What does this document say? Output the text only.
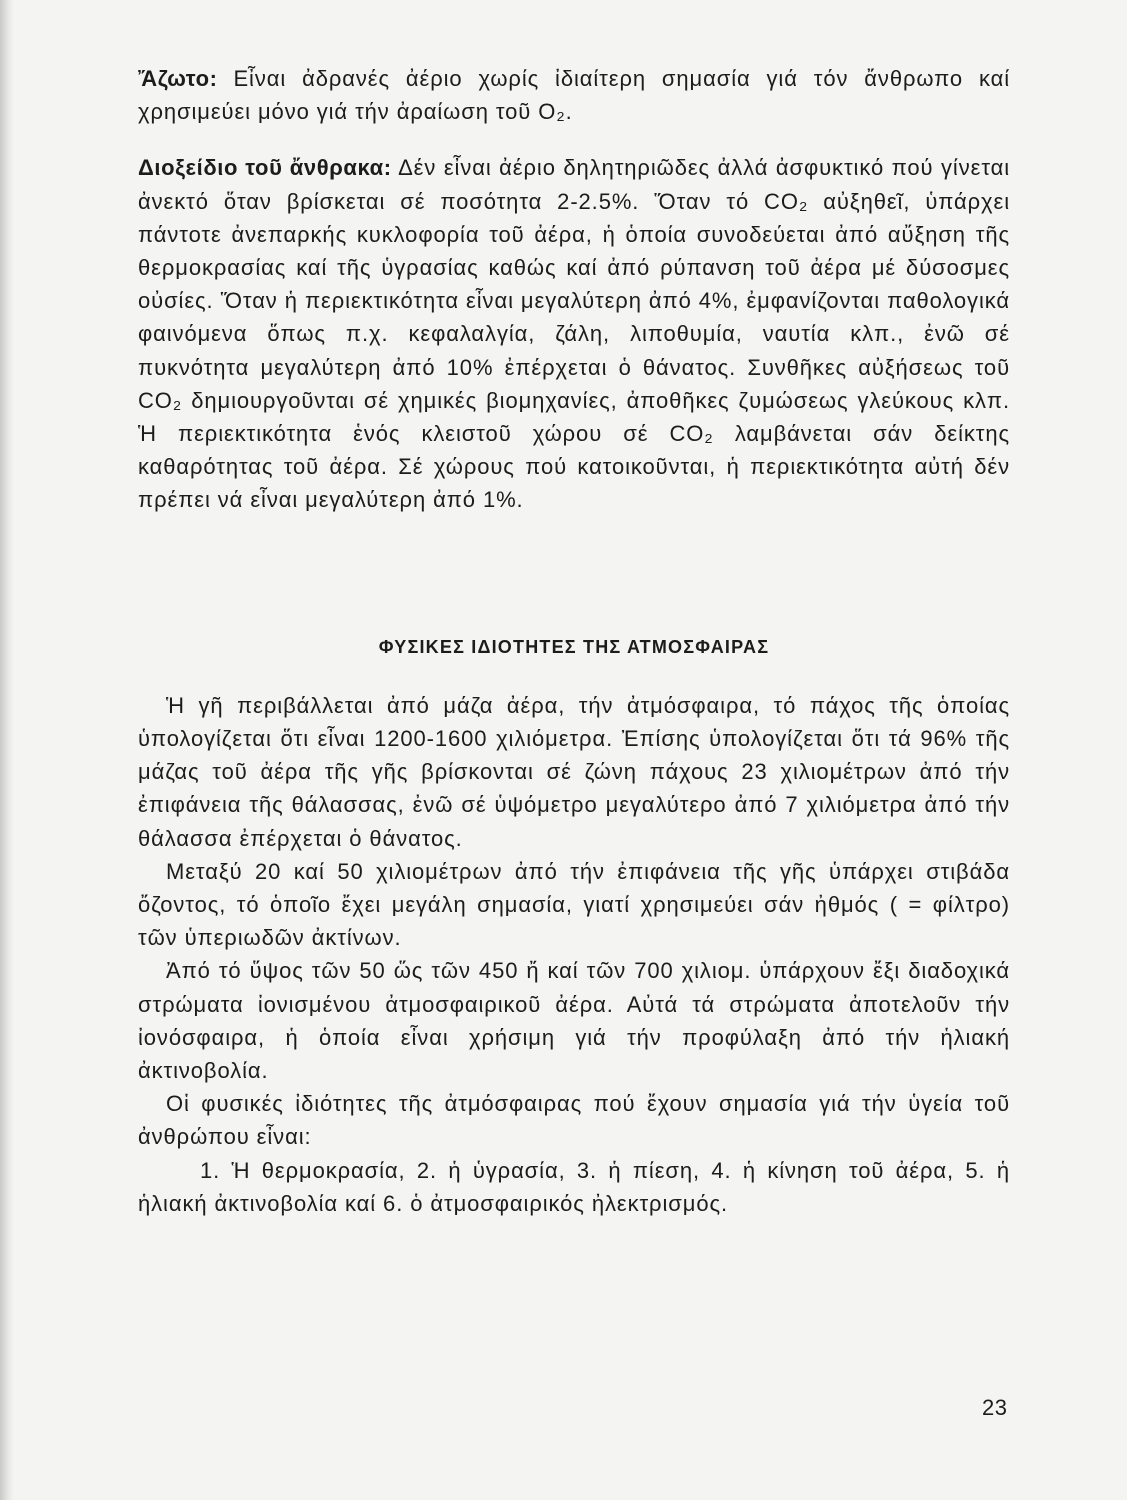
Ἄζωτο: Εἶναι ἀδρανές ἀέριο χωρίς ἰδιαίτερη σημασία γιά τόν ἄνθρωπο καί χρησιμεύει μόνο γιά τήν ἀραίωση τοῦ O₂.

Διοξείδιο τοῦ ἄνθρακα: Δέν εἶναι ἀέριο δηλητηριῶδες ἀλλά ἀσφυκτικό πού γίνεται ἀνεκτό ὅταν βρίσκεται σέ ποσότητα 2-2.5%. Ὅταν τό CO₂ αὐξηθεῖ, ὑπάρχει πάντοτε ἀνεπαρκής κυκλοφορία τοῦ ἀέρα, ἡ ὁποία συνοδεύεται ἀπό αὔξηση τῆς θερμοκρασίας καί τῆς ὑγρασίας καθώς καί ἀπό ρύπανση τοῦ ἀέρα μέ δύσοσμες οὐσίες. Ὅταν ἡ περιεκτικότητα εἶναι μεγαλύτερη ἀπό 4%, ἐμφανίζονται παθολογικά φαινόμενα ὅπως π.χ. κεφαλαλγία, ζάλη, λιποθυμία, ναυτία κλπ., ἐνῶ σέ πυκνότητα μεγαλύτερη ἀπό 10% ἐπέρχεται ὁ θάνατος. Συνθῆκες αὐξήσεως τοῦ CO₂ δημιουργοῦνται σέ χημικές βιομηχανίες, ἀποθῆκες ζυμώσεως γλεύκους κλπ. Ἡ περιεκτικότητα ἑνός κλειστοῦ χώρου σέ CO₂ λαμβάνεται σάν δείκτης καθαρότητας τοῦ ἀέρα. Σέ χώρους πού κατοικοῦνται, ἡ περιεκτικότητα αὐτή δέν πρέπει νά εἶναι μεγαλύτερη ἀπό 1%.

ΦΥΣΙΚΕΣ ΙΔΙΟΤΗΤΕΣ ΤΗΣ ΑΤΜΟΣΦΑΙΡΑΣ

Ἡ γῆ περιβάλλεται ἀπό μάζα ἀέρα, τήν ἀτμόσφαιρα, τό πάχος τῆς ὁποίας ὑπολογίζεται ὅτι εἶναι 1200-1600 χιλιόμετρα. Ἐπίσης ὑπολογίζεται ὅτι τά 96% τῆς μάζας τοῦ ἀέρα τῆς γῆς βρίσκονται σέ ζώνη πάχους 23 χιλιομέτρων ἀπό τήν ἐπιφάνεια τῆς θάλασσας, ἐνῶ σέ ὑψόμετρο μεγαλύτερο ἀπό 7 χιλιόμετρα ἀπό τήν θάλασσα ἐπέρχεται ὁ θάνατος.

Μεταξύ 20 καί 50 χιλιομέτρων ἀπό τήν ἐπιφάνεια τῆς γῆς ὑπάρχει στιβάδα ὄζοντος, τό ὁποῖο ἔχει μεγάλη σημασία, γιατί χρησιμεύει σάν ἠθμός ( = φίλτρο) τῶν ὑπεριωδῶν ἀκτίνων.

Ἀπό τό ὕψος τῶν 50 ὥς τῶν 450 ἤ καί τῶν 700 χιλιομ. ὑπάρχουν ἔξι διαδοχικά στρώματα ἰονισμένου ἀτμοσφαιρικοῦ ἀέρα. Αὐτά τά στρώματα ἀποτελοῦν τήν ἰονόσφαιρα, ἡ ὁποία εἶναι χρήσιμη γιά τήν προφύλαξη ἀπό τήν ἡλιακή ἀκτινοβολία.

Οἱ φυσικές ἰδιότητες τῆς ἀτμόσφαιρας πού ἔχουν σημασία γιά τήν ὑγεία τοῦ ἀνθρώπου εἶναι:

1. Ἡ θερμοκρασία, 2. ἡ ὑγρασία, 3. ἡ πίεση, 4. ἡ κίνηση τοῦ ἀέρα, 5. ἡ ἡλιακή ἀκτινοβολία καί 6. ὁ ἀτμοσφαιρικός ἠλεκτρισμός.

23
